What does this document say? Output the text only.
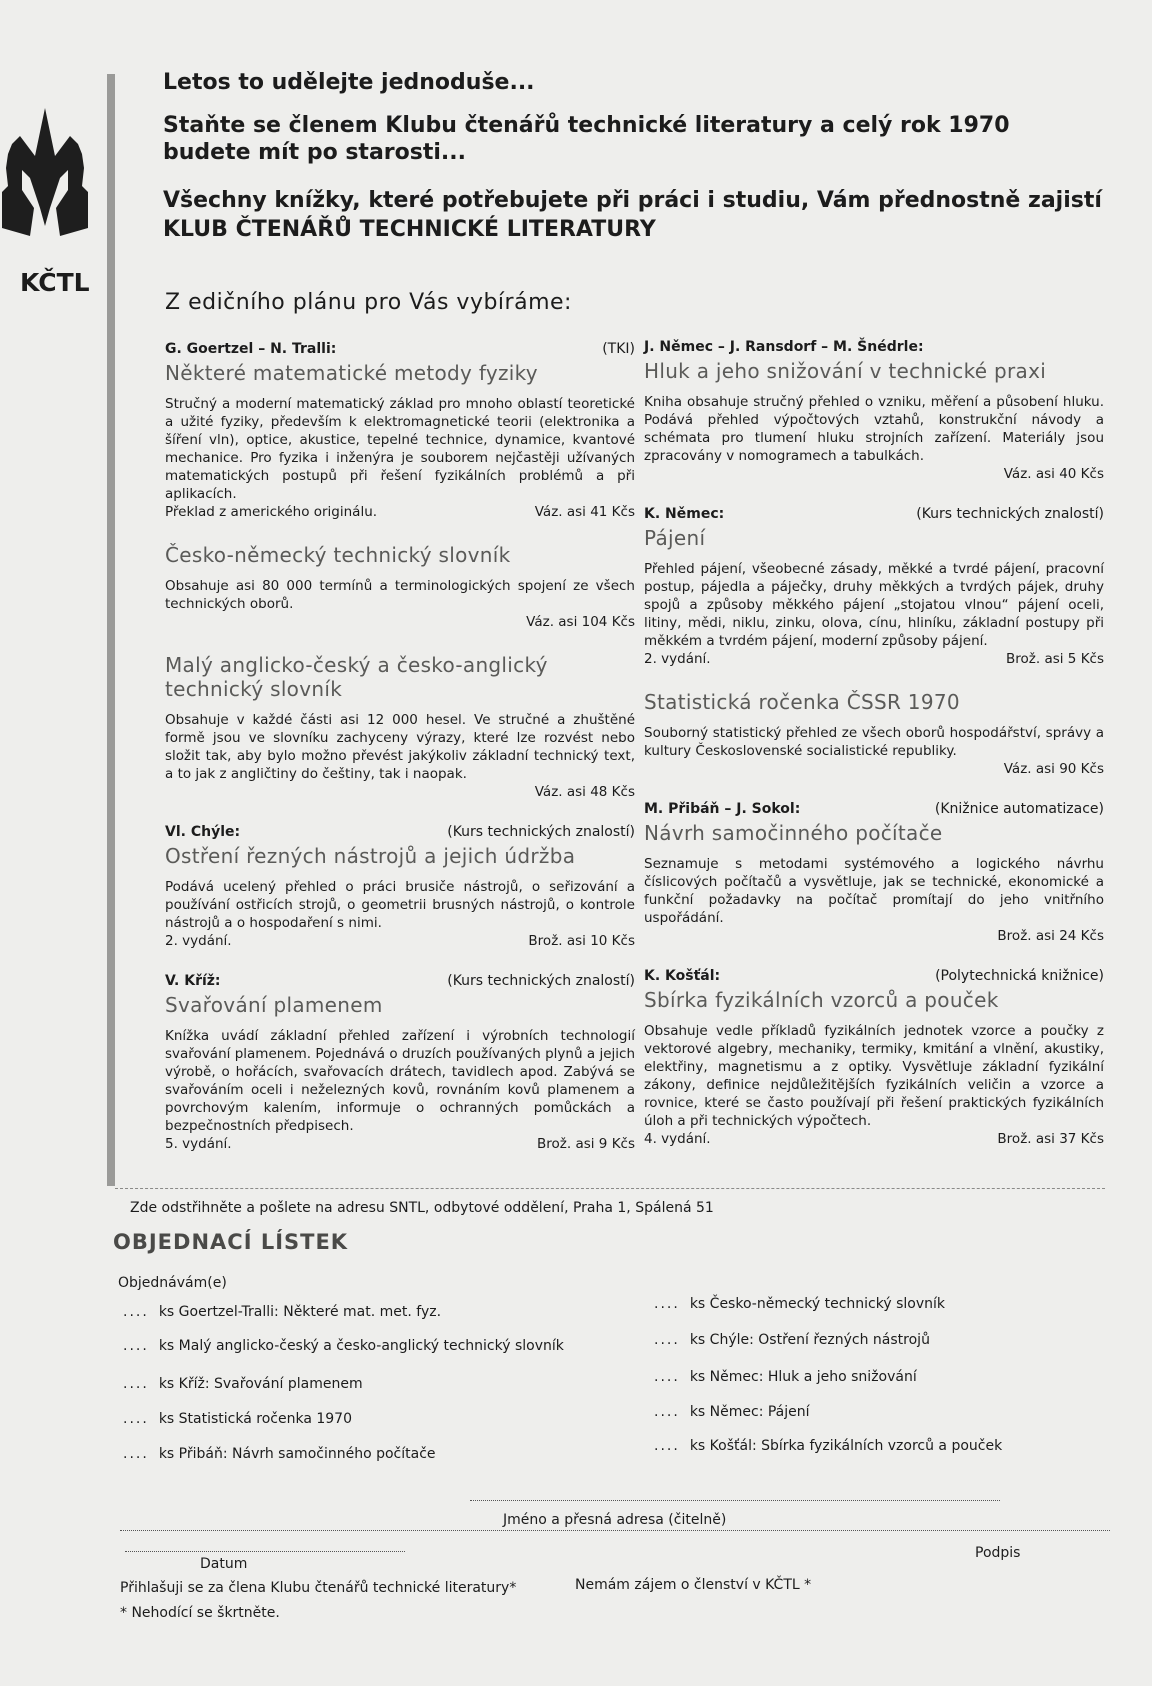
KČTL
Letos to udělejte jednoduše...
Staňte se členem Klubu čtenářů technické literatury a celý rok 1970 budete mít po starosti...
Všechny knížky, které potřebujete při práci i studiu, Vám přednostně zajistí KLUB ČTENÁŘŮ TECHNICKÉ LITERATURY
Z edičního plánu pro Vás vybíráme:
G. Goertzel – N. Tralli:	(TKI)
Některé matematické metody fyziky
Stručný a moderní matematický základ pro mnoho oblastí teoretické a užité fyziky, především k elektromagnetické teorii (elektronika a šíření vln), optice, akustice, tepelné technice, dynamice, kvantové mechanice. Pro fyzika i inženýra je souborem nejčastěji užívaných matematických postupů při řešení fyzikálních problémů a při aplikacích.
Překlad z amerického originálu.	Váz. asi 41 Kčs
Česko-německý technický slovník
Obsahuje asi 80 000 termínů a terminologických spojení ze všech technických oborů.
Váz. asi 104 Kčs
Malý anglicko-český a česko-anglický technický slovník
Obsahuje v každé části asi 12 000 hesel. Ve stručné a zhuštěné formě jsou ve slovníku zachyceny výrazy, které lze rozvést nebo složit tak, aby bylo možno převést jakýkoliv základní technický text, a to jak z angličtiny do češtiny, tak i naopak.
Váz. asi 48 Kčs
Vl. Chýle:	(Kurs technických znalostí)
Ostření řezných nástrojů a jejich údržba
Podává ucelený přehled o práci brusiče nástrojů, o seřizování a používání ostřicích strojů, o geometrii brusných nástrojů, o kontrole nástrojů a o hospodaření s nimi.
2. vydání.	Brož. asi 10 Kčs
V. Kříž:	(Kurs technických znalostí)
Svařování plamenem
Knížka uvádí základní přehled zařízení i výrobních technologií svařování plamenem. Pojednává o druzích používaných plynů a jejich výrobě, o hořácích, svařovacích drátech, tavidlech apod. Zabývá se svařováním oceli i neželezných kovů, rovnáním kovů plamenem a povrchovým kalením, informuje o ochranných pomůckách a bezpečnostních předpisech.
5. vydání.	Brož. asi 9 Kčs
J. Němec – J. Ransdorf – M. Šnédrle:
Hluk a jeho snižování v technické praxi
Kniha obsahuje stručný přehled o vzniku, měření a působení hluku. Podává přehled výpočtových vztahů, konstrukční návody a schémata pro tlumení hluku strojních zařízení. Materiály jsou zpracovány v nomogramech a tabulkách.
Váz. asi 40 Kčs
K. Němec:	(Kurs technických znalostí)
Pájení
Přehled pájení, všeobecné zásady, měkké a tvrdé pájení, pracovní postup, pájedla a páječky, druhy měkkých a tvrdých pájek, druhy spojů a způsoby měkkého pájení „stojatou vlnou“ pájení oceli, litiny, mědi, niklu, zinku, olova, cínu, hliníku, základní postupy při měkkém a tvrdém pájení, moderní způsoby pájení.
2. vydání.	Brož. asi 5 Kčs
Statistická ročenka ČSSR 1970
Souborný statistický přehled ze všech oborů hospodářství, správy a kultury Československé socialistické republiky.
Váz. asi 90 Kčs
M. Přibáň – J. Sokol:	(Knižnice automatizace)
Návrh samočinného počítače
Seznamuje s metodami systémového a logického návrhu číslicových počítačů a vysvětluje, jak se technické, ekonomické a funkční požadavky na počítač promítají do jeho vnitřního uspořádání.
Brož. asi 24 Kčs
K. Košťál:	(Polytechnická knižnice)
Sbírka fyzikálních vzorců a pouček
Obsahuje vedle příkladů fyzikálních jednotek vzorce a poučky z vektorové algebry, mechaniky, termiky, kmitání a vlnění, akustiky, elektřiny, magnetismu a z optiky. Vysvětluje základní fyzikální zákony, definice nejdůležitějších fyzikálních veličin a vzorce a rovnice, které se často používají při řešení praktických fyzikálních úloh a při technických výpočtech.
4. vydání.	Brož. asi 37 Kčs
Zde odstřihněte a pošlete na adresu SNTL, odbytové oddělení, Praha 1, Spálená 51
OBJEDNACÍ LÍSTEK
Objednávám(e)
.... ks Goertzel-Tralli: Některé mat. met. fyz.
.... ks Malý anglicko-český a česko-anglický technický slovník
.... ks Kříž: Svařování plamenem
.... ks Statistická ročenka 1970
.... ks Přibáň: Návrh samočinného počítače
.... ks Česko-německý technický slovník
.... ks Chýle: Ostření řezných nástrojů
.... ks Němec: Hluk a jeho snižování
.... ks Němec: Pájení
.... ks Košťál: Sbírka fyzikálních vzorců a pouček
Jméno a přesná adresa (čitelně)
Datum
Podpis
Přihlašuji se za člena Klubu čtenářů technické literatury*	Nemám zájem o členství v KČTL *
* Nehodící se škrtněte.
